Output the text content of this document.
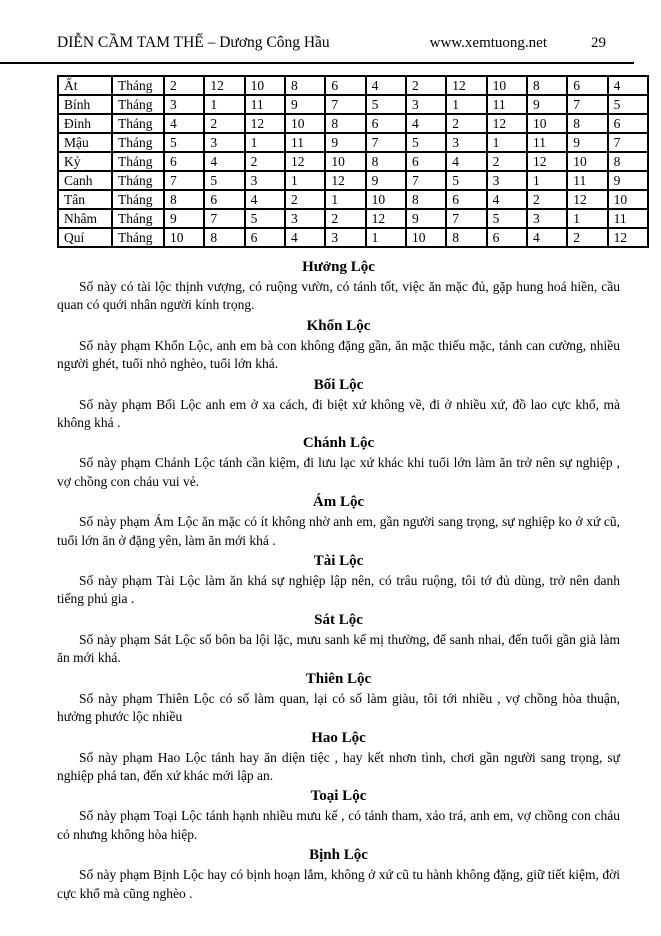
DIỄN CẦM TAM THẾ – Dương Công Hầu	www.xemtuong.net	29
Ất	Tháng	2	12	10	8	6	4	2	12	10	8	6	4
Bính	Tháng	3	1	11	9	7	5	3	1	11	9	7	5
Đinh	Tháng	4	2	12	10	8	6	4	2	12	10	8	6
Mậu	Tháng	5	3	1	11	9	7	5	3	1	11	9	7
Kỷ	Tháng	6	4	2	12	10	8	6	4	2	12	10	8
Canh	Tháng	7	5	3	1	12	9	7	5	3	1	11	9
Tân	Tháng	8	6	4	2	1	10	8	6	4	2	12	10
Nhâm	Tháng	9	7	5	3	2	12	9	7	5	3	1	11
Quí	Tháng	10	8	6	4	3	1	10	8	6	4	2	12
Hưởng Lộc

Số này có tài lộc thịnh vượng, có ruộng vườn, có tánh tốt, việc ăn mặc đủ, gặp hung hoá hiền, cầu quan có quới nhân người kính trọng.

Khổn Lộc

Số này phạm Khổn Lộc, anh em bà con không đặng gần, ăn mặc thiếu mặc, tánh can cường, nhiều người ghét, tuổi nhỏ nghèo, tuổi lớn khá.

Bối Lộc

Số này phạm Bối Lộc anh em ở xa cách, đi biệt xứ không về, đi ở nhiều xứ, đồ lao cực khổ, mà không khá .

Chánh Lộc

Số này phạm Chánh Lộc tánh cần kiệm, đi lưu lạc xứ khác khi tuổi lớn làm ăn trở nên sự nghiệp , vợ chồng con cháu vui vẻ.

Ám Lộc

Số này phạm Ám Lộc ăn mặc có ít không nhờ anh em, gần người sang trọng, sự nghiệp ko ở xứ cũ, tuổi lớn ăn ở đặng yên, làm ăn mới khá .

Tài Lộc

Số này phạm Tài Lộc làm ăn khá sự nghiệp lập nên, có trâu ruộng, tôi tớ đủ dùng, trở nên danh tiếng phú gia .

Sát Lộc

Số này phạm Sát Lộc số bôn ba lội lặc, mưu sanh kế mị thường, để sanh nhai, đến tuổi gần già làm ăn mới khá.

Thiên Lộc

Số này phạm Thiên Lộc có số làm quan, lại có số làm giàu, tôi tới nhiều , vợ chồng hòa thuận, hưởng phước lộc nhiều

Hao Lộc

Số này phạm Hao Lộc tánh hay ăn diện tiệc , hay kết nhơn tình, chơi gần người sang trọng, sự nghiệp phá tan, đến xứ khác mới lập an.

Toại Lộc

Số này phạm Toại Lộc tánh hạnh nhiều mưu kế , có tánh tham, xảo trá, anh em, vợ chồng con cháu có nhưng không hòa hiệp.

Bịnh Lộc

Số này phạm Bịnh Lộc hay có bịnh hoạn lắm, không ở xứ cũ tu hành không đặng, giữ tiết kiệm, đời cực khổ mà cũng nghèo .
